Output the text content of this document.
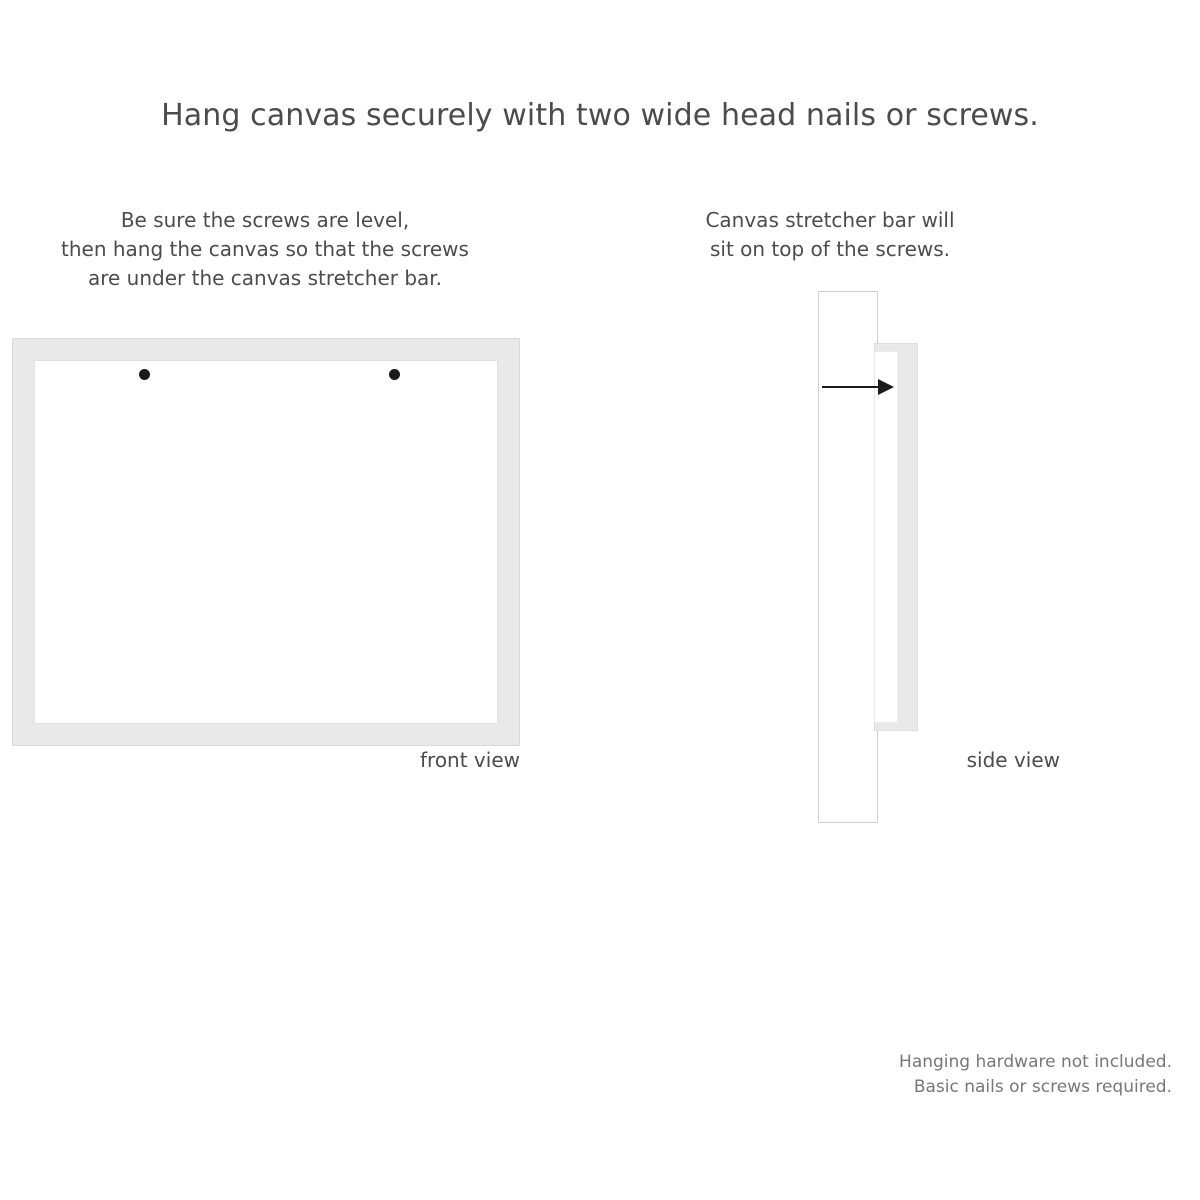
Hang canvas securely with two wide head nails or screws.
Be sure the screws are level,
then hang the canvas so that the screws
are under the canvas stretcher bar.
front view
Canvas stretcher bar will
sit on top of the screws.
side view
Hanging hardware not included.
Basic nails or screws required.
